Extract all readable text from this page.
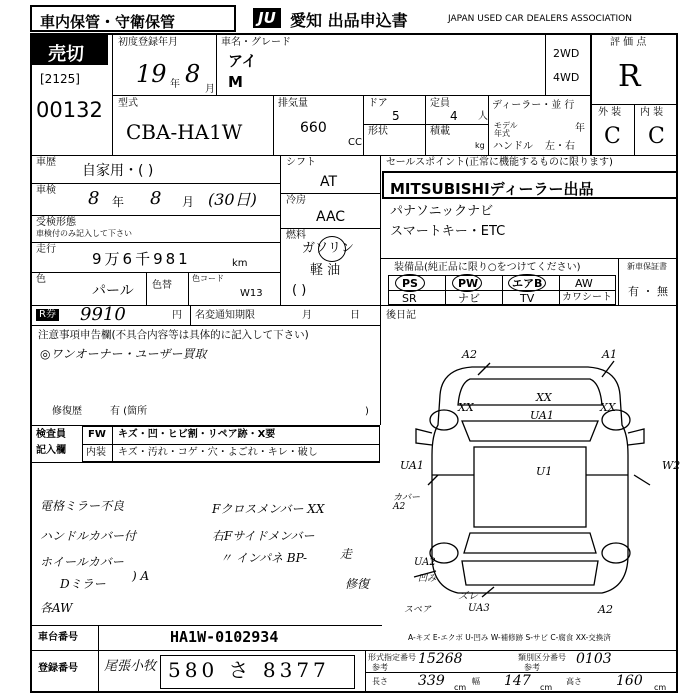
車内保管・守衛保管	JU 愛知 出品申込書	JAPAN USED CAR DEALERS ASSOCIATION
売切
[2125]
00132
初度登録年月
19 年 8
月
車名・グレード
アイ
M
2WD
4WD
評 価 点
R
外 装 内 装
C C
型式
CBA-HA1W
排気量
660
CC
ドア
5
定員
4 人
形状	積載
kg
ディーラー・並 行
モデル 年式	年
ハンドル 左・右
車歴
自家用・( )
車検 8 年 8 月 (30日)
受検形態
車検付のみ記入して下さい
走行
9万6千981	km
色
パール 色替
色コード
W13
シフト
AT
冷房
AAC
燃料
ガソリン
軽 油
( )
セールスポイント(正常に機能するものに限ります)
MITSUBISHIディーラー出品
パナソニックナビ
スマートキー・ETC
装備品(純正品に限り○をつけてください)	新車保証書
有 ・ 無
PS	PW	エアB	AW
SR	ナビ	TV	カワシート
R券 9910	円 名変通知期限	月	日	後日記
注意事項申告欄(不具合内容等は具体的に記入して下さい)
◎ワンオーナー・ユーザー買取
修復歴	有 (箇所	)
検査員
記入欄
FW キズ・凹・ヒビ割・リペア跡・X要
内装 キズ・汚れ・コゲ・穴・よごれ・キレ・破し
電格ミラー不良
ハンドルカバー付
ホイールカバー
) A
Dミラー
各AW
Fクロスメンバー XX
右Fサイドメンバー
〃 インパネ BP-	走
修復
A2	A1
XX
XX
UA1
XX
UA1	W2
U1
カバー A2
UA2
凹み
ズレ
UA3
スペア	A2
A-キズ E-エクボ U-凹み W-補修跡 S-サビ C-腐食 XX-交換済
車台番号	HA1W-0102934
登録番号 尾張小牧 580 さ 8377
形式指定番号
参考
15268	類別区分番号
参考
0103
長さ 339 cm
幅 147 cm
高さ 160 cm
